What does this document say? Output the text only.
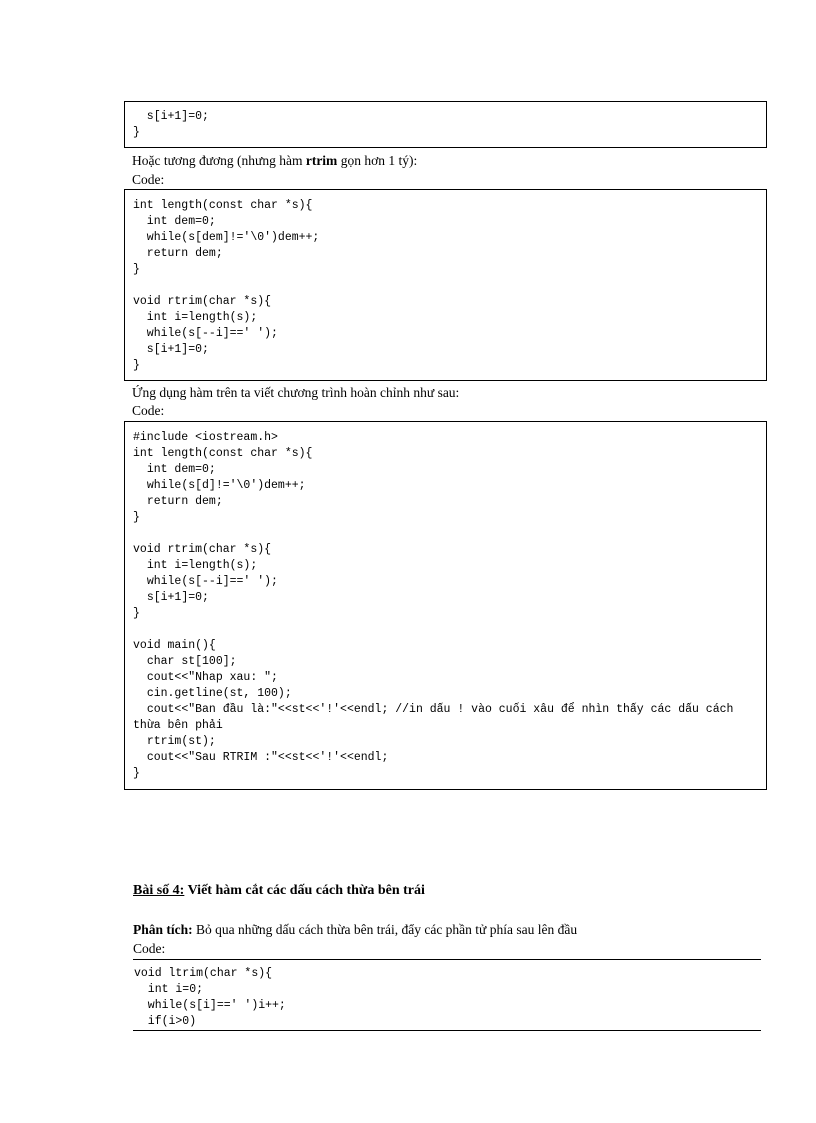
s[i+1]=0;
}
Hoặc tương đương (nhưng hàm rtrim gọn hơn 1 tý):
Code:
int length(const char *s){
int dem=0;
while(s[dem]!='\0')dem++;
return dem;
}

void rtrim(char *s){
int i=length(s);
while(s[--i]==' ');
s[i+1]=0;
}
Ứng dụng hàm trên ta viết chương trình hoàn chỉnh như sau:
Code:
#include <iostream.h>
int length(const char *s){
int dem=0;
while(s[d]!='\0')dem++;
return dem;
}

void rtrim(char *s){
int i=length(s);
while(s[--i]==' ');
s[i+1]=0;
}

void main(){
char st[100];
cout<<"Nhap xau: ";
cin.getline(st, 100);
cout<<"Ban đầu là:"<<st<<'!'<<endl; //in dấu ! vào cuối xâu để nhìn thấy các dấu cách thừa bên phải
rtrim(st);
cout<<"Sau RTRIM :"<<st<<'!'<<endl;
}
Bài số 4: Viết hàm cắt các dấu cách thừa bên trái
Phân tích: Bỏ qua những dấu cách thừa bên trái, đẩy các phần tử phía sau lên đầu
Code:
void ltrim(char *s){
int i=0;
while(s[i]==' ')i++;
if(i>0)
